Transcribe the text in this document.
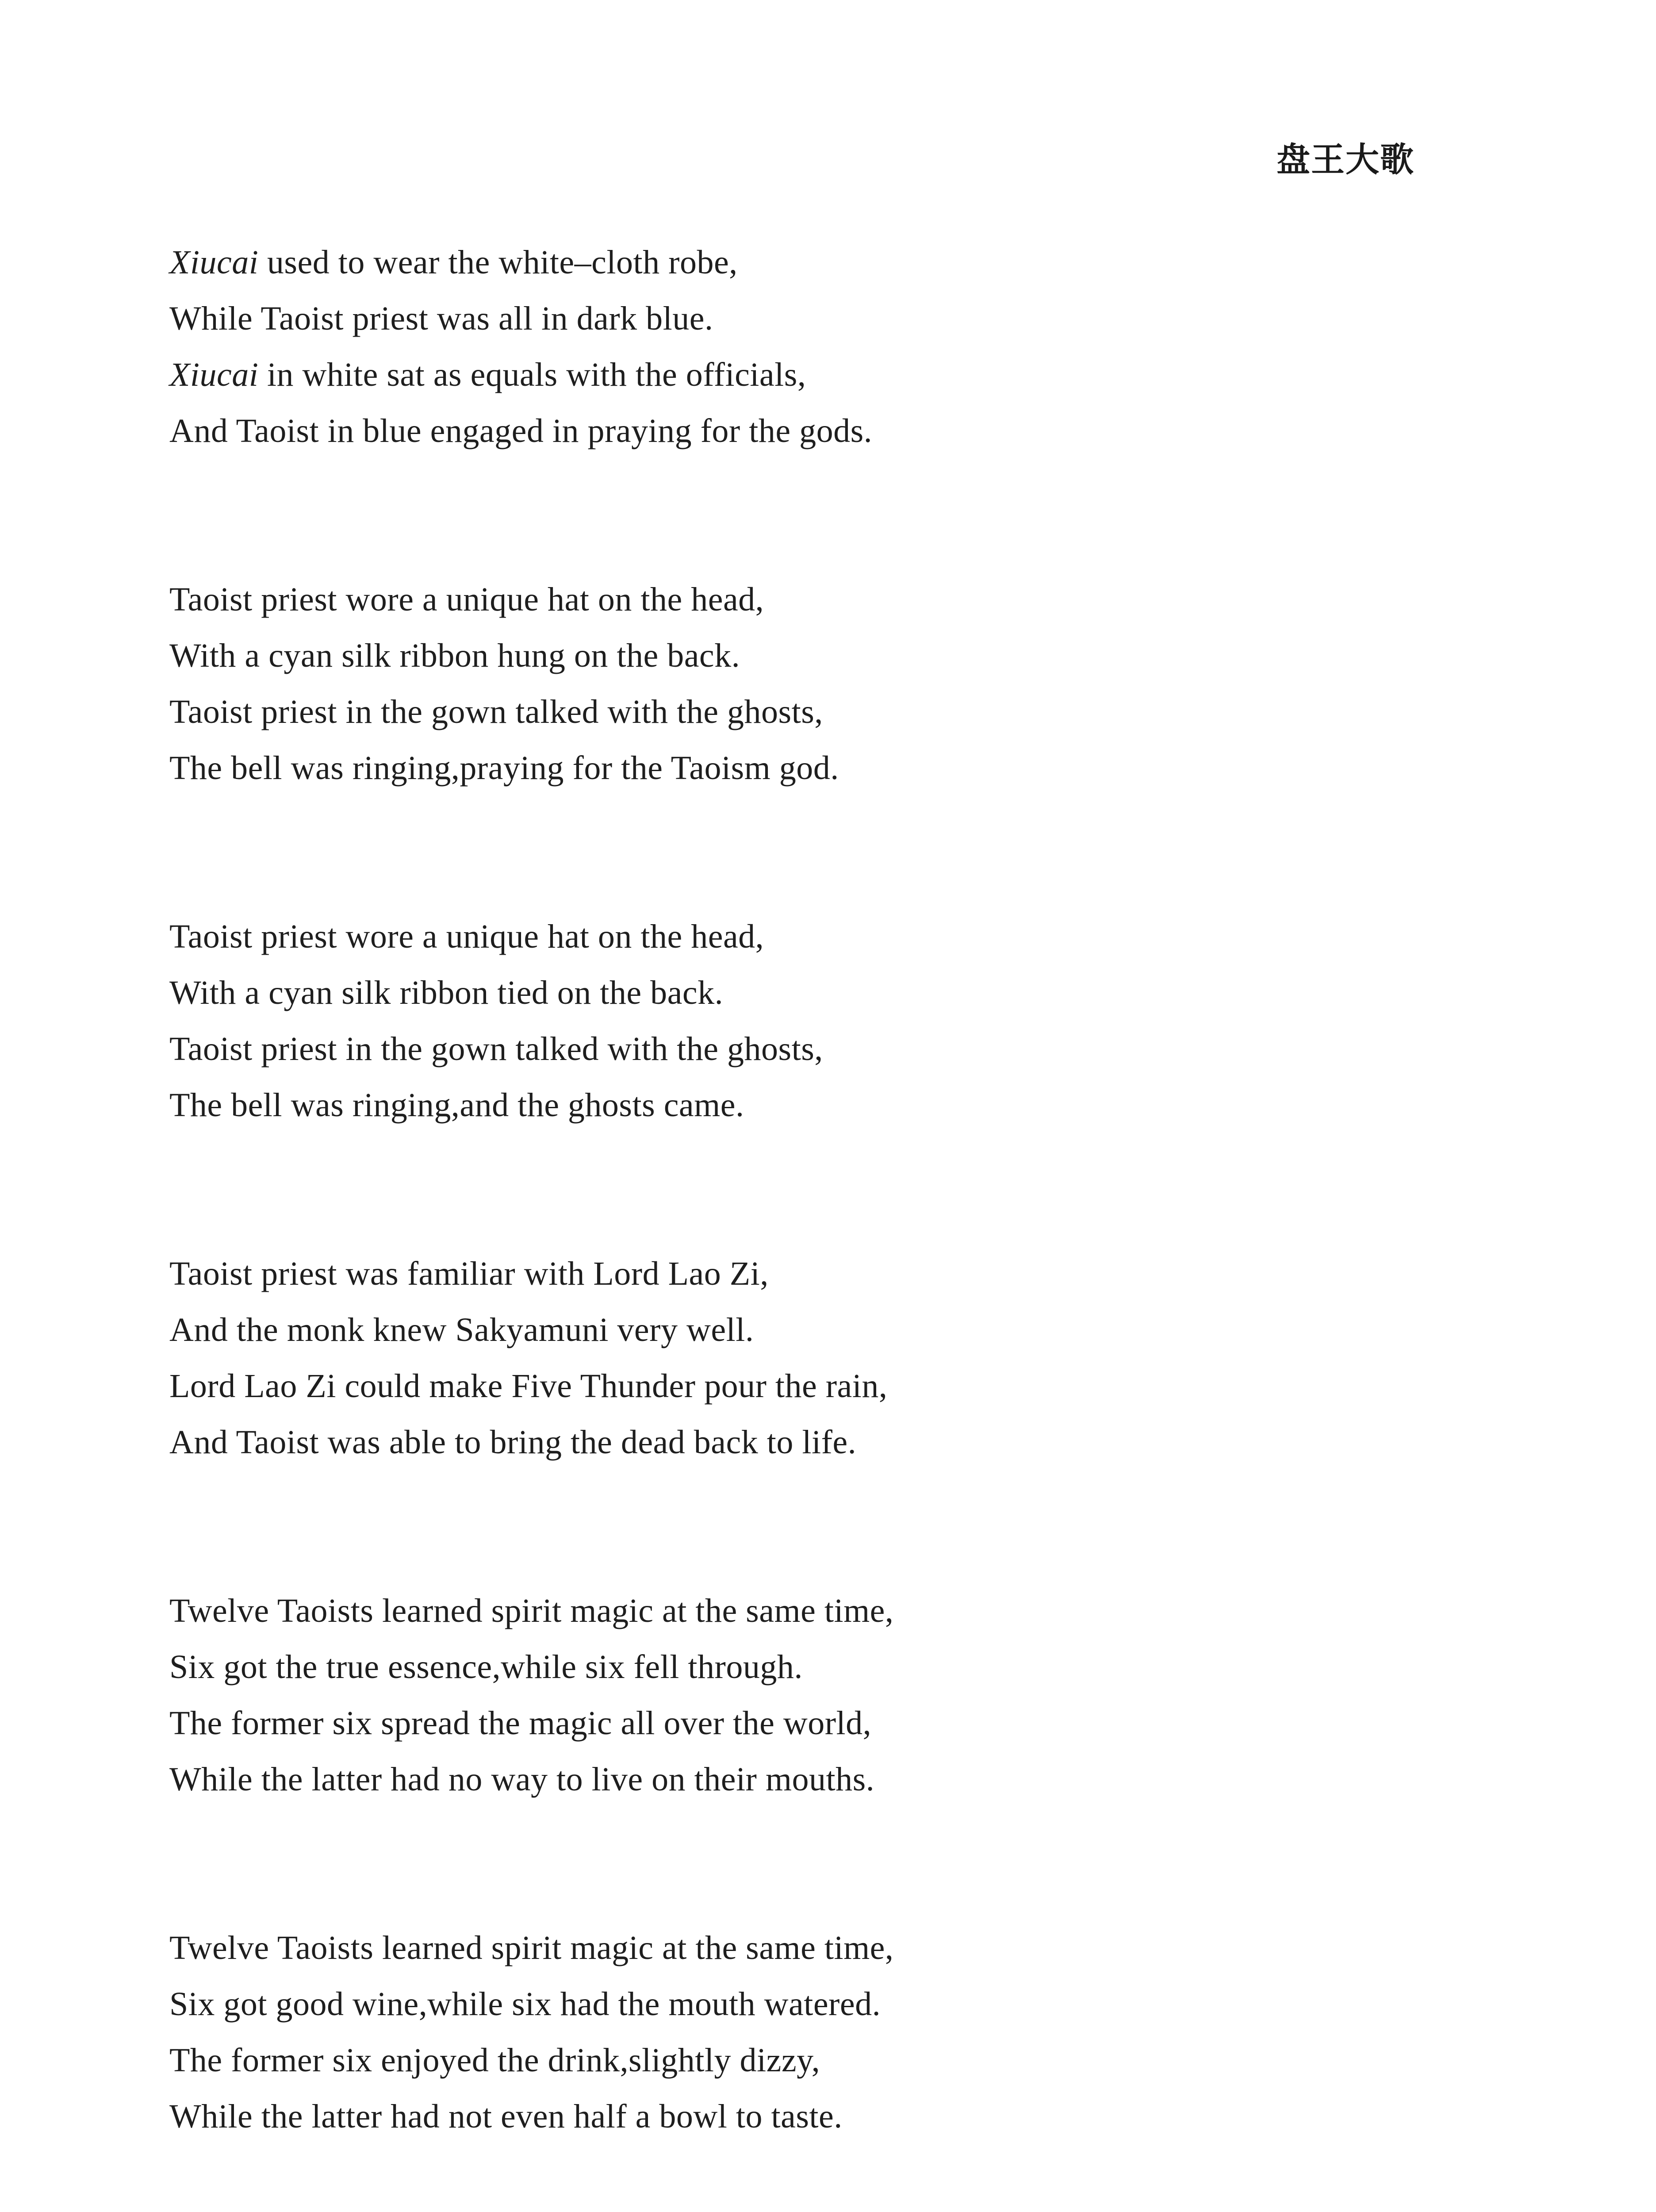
盘王大歌
Xiucai used to wear the white–cloth robe,
While Taoist priest was all in dark blue.
Xiucai in white sat as equals with the officials,
And Taoist in blue engaged in praying for the gods.
Taoist priest wore a unique hat on the head,
With a cyan silk ribbon hung on the back.
Taoist priest in the gown talked with the ghosts,
The bell was ringing,praying for the Taoism god.
Taoist priest wore a unique hat on the head,
With a cyan silk ribbon tied on the back.
Taoist priest in the gown talked with the ghosts,
The bell was ringing,and the ghosts came.
Taoist priest was familiar with Lord Lao Zi,
And the monk knew Sakyamuni very well.
Lord Lao Zi could make Five Thunder pour the rain,
And Taoist was able to bring the dead back to life.
Twelve Taoists learned spirit magic at the same time,
Six got the true essence,while six fell through.
The former six spread the magic all over the world,
While the latter had no way to live on their mouths.
Twelve Taoists learned spirit magic at the same time,
Six got good wine,while six had the mouth watered.
The former six enjoyed the drink,slightly dizzy,
While the latter had not even half a bowl to taste.
